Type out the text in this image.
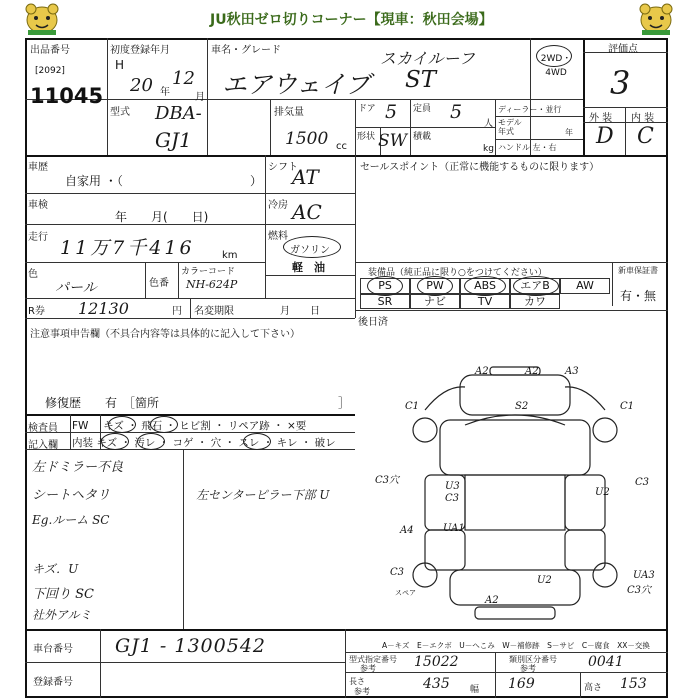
JU秋田ゼロ切りコーナー【現車：秋田会場】
出品番号
[2092]
11045
初度登録年月
H
20 年
12
月
車名・グレード	スカイルーフ
エアウェイブ ST
2WD・4WD
評価点
3
型式 DBA-
GJ1
排気量
1500 cc
ドア 5 定員 5
人
形状 SW 積載
kg
ディーラー・並行
モデル
年式	年
ハンドル 左・右
外 装 内 装
D C
車歴
自家用 ・（	）
シフト
AT
車検
年　　月(　　日)
冷房 AC
走行 11万7千416	km
燃料
ガソリン
軽　油
色
パール	色番
カラーコード
NH-624P
R券 12130	円 名変期限	月　　日
セールスポイント（正常に機能するものに限ります）
装備品（純正品に限り○をつけてください）	新車保証書
有・無
PS	PW	ABS	エアB	AW
SR	ナビ	TV	カワ
後日済
注意事項申告欄（不具合内容等は具体的に記入して下さい）
修復歴　　有　［箇所	］
検査員
記入欄
FW キズ ・ 飛石 ・ ヒビ割 ・ リペア跡 ・ ×要
内装 キズ ・ 汚レ ・ コゲ ・ 穴 ・ スレ ・ キレ ・ 破レ
左ドミラー不良
シートヘタリ
Eg.ルーム SC
キズ．U
下回り SC
社外アルミ
左センターピラー下部 U
車台番号 GJ1 - 1300542
登録番号
A－キズ　E－エクボ　U－へこみ　W－補修跡　S－サビ　C－腐食　XX－交換
型式指定番号
参考	15022	類別区分番号
参考	0041
長さ
参考	435 幅 169	高さ 153
A2	A2	A3
C1	S2	C1
C3穴
U3
C3
U2
C3
A4	UA1
C3
U2	UA3
C3穴
A2
スペア
